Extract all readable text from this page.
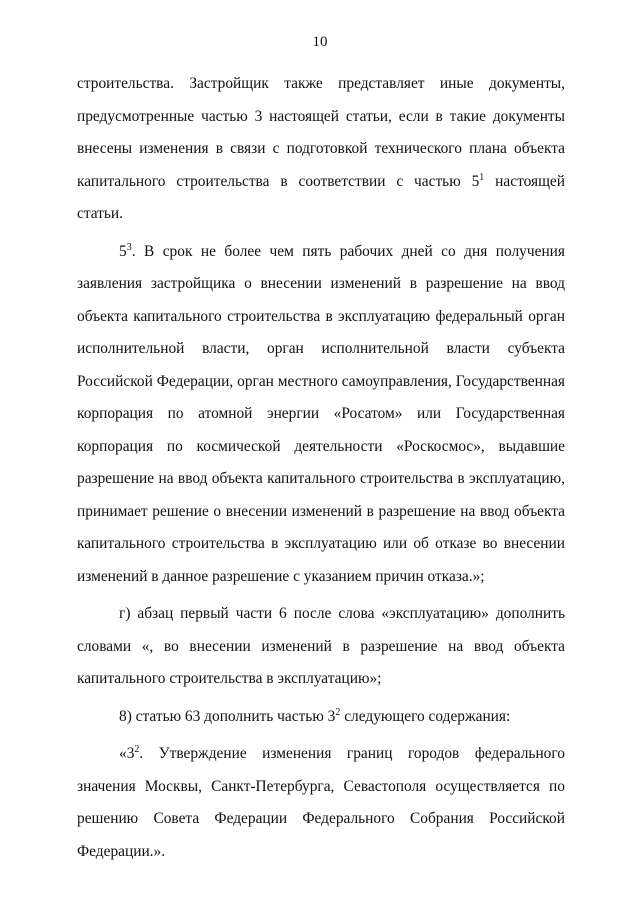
10

строительства. Застройщик также представляет иные документы, предусмотренные частью 3 настоящей статьи, если в такие документы внесены изменения в связи с подготовкой технического плана объекта капитального строительства в соответствии с частью $5^1$ настоящей статьи.

$5^3$. В срок не более чем пять рабочих дней со дня получения заявления застройщика о внесении изменений в разрешение на ввод объекта капитального строительства в эксплуатацию федеральный орган исполнительной власти, орган исполнительной власти субъекта Российской Федерации, орган местного самоуправления, Государственная корпорация по атомной энергии «Росатом» или Государственная корпорация по космической деятельности «Роскосмос», выдавшие разрешение на ввод объекта капитального строительства в эксплуатацию, принимает решение о внесении изменений в разрешение на ввод объекта капитального строительства в эксплуатацию или об отказе во внесении изменений в данное разрешение с указанием причин отказа.»;

г) абзац первый части 6 после слова «эксплуатацию» дополнить словами «, во внесении изменений в разрешение на ввод объекта капитального строительства в эксплуатацию»;

8) статью 63 дополнить частью $3^2$ следующего содержания:

«$3^2$. Утверждение изменения границ городов федерального значения Москвы, Санкт-Петербурга, Севастополя осуществляется по решению Совета Федерации Федерального Собрания Российской Федерации.».

·
